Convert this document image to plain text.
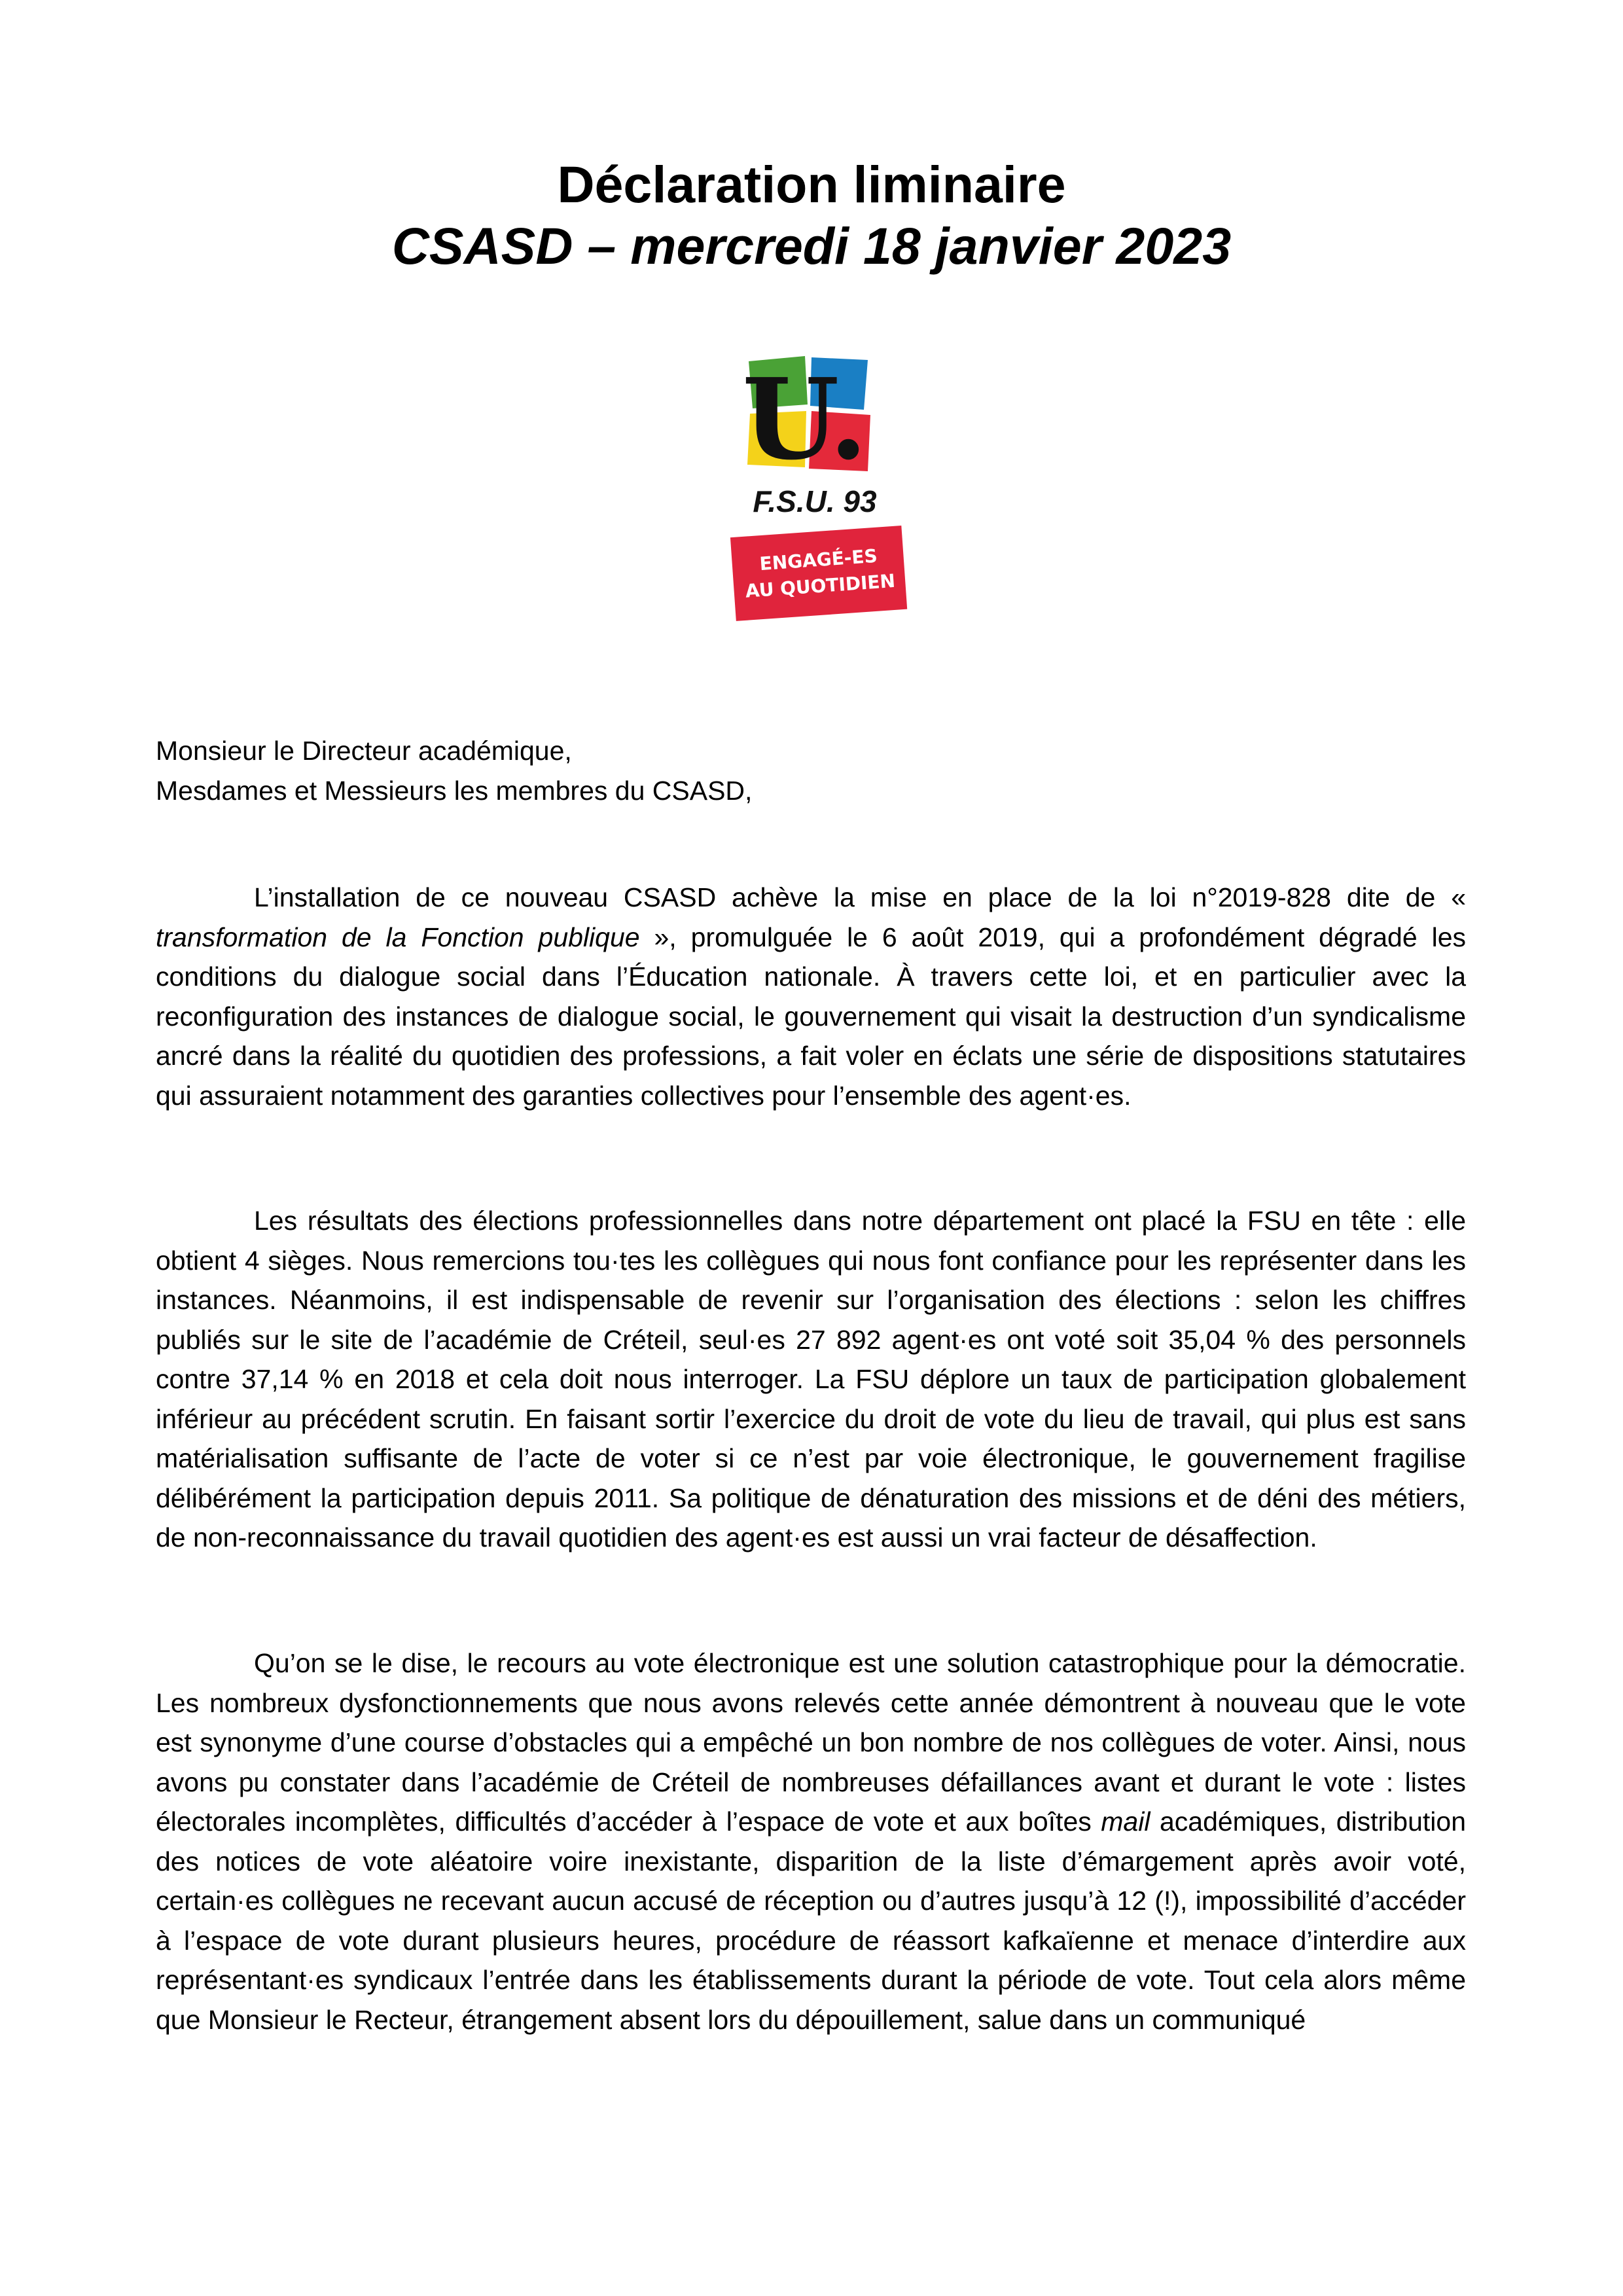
Déclaration liminaire
CSASD – mercredi 18 janvier 2023
U.
F.S.U. 93
ENGAGÉ-ES
AU QUOTIDIEN
Monsieur le Directeur académique,
Mesdames et Messieurs les membres du CSASD,

L’installation de ce nouveau CSASD achève la mise en place de la loi n°2019-828 dite de « transformation de la Fonction publique », promulguée le 6 août 2019, qui a profondément dégradé les conditions du dialogue social dans l’Éducation nationale. À travers cette loi, et en particulier avec la reconfiguration des instances de dialogue social, le gouvernement qui visait la destruction d’un syndicalisme ancré dans la réalité du quotidien des professions, a fait voler en éclats une série de dispositions statutaires qui assuraient notamment des garanties collectives pour l’ensemble des agent·es.

Les résultats des élections professionnelles dans notre département ont placé la FSU en tête : elle obtient 4 sièges. Nous remercions tou·tes les collègues qui nous font confiance pour les représenter dans les instances. Néanmoins, il est indispensable de revenir sur l’organisation des élections : selon les chiffres publiés sur le site de l’académie de Créteil, seul·es 27 892 agent·es ont voté soit 35,04 % des personnels contre 37,14 % en 2018 et cela doit nous interroger. La FSU déplore un taux de participation globalement inférieur au précédent scrutin. En faisant sortir l’exercice du droit de vote du lieu de travail, qui plus est sans matérialisation suffisante de l’acte de voter si ce n’est par voie électronique, le gouvernement fragilise délibérément la participation depuis 2011. Sa politique de dénaturation des missions et de déni des métiers, de non-reconnaissance du travail quotidien des agent·es est aussi un vrai facteur de désaffection.

Qu’on se le dise, le recours au vote électronique est une solution catastrophique pour la démocratie. Les nombreux dysfonctionnements que nous avons relevés cette année démontrent à nouveau que le vote est synonyme d’une course d’obstacles qui a empêché un bon nombre de nos collègues de voter. Ainsi, nous avons pu constater dans l’académie de Créteil de nombreuses défaillances avant et durant le vote : listes électorales incomplètes, difficultés d’accéder à l’espace de vote et aux boîtes mail académiques, distribution des notices de vote aléatoire voire inexistante, disparition de la liste d’émargement après avoir voté, certain·es collègues ne recevant aucun accusé de réception ou d’autres jusqu’à 12 (!), impossibilité d’accéder à l’espace de vote durant plusieurs heures, procédure de réassort kafkaïenne et menace d’interdire aux représentant·es syndicaux l’entrée dans les établissements durant la période de vote. Tout cela alors même que Monsieur le Recteur, étrangement absent lors du dépouillement, salue dans un communiqué
